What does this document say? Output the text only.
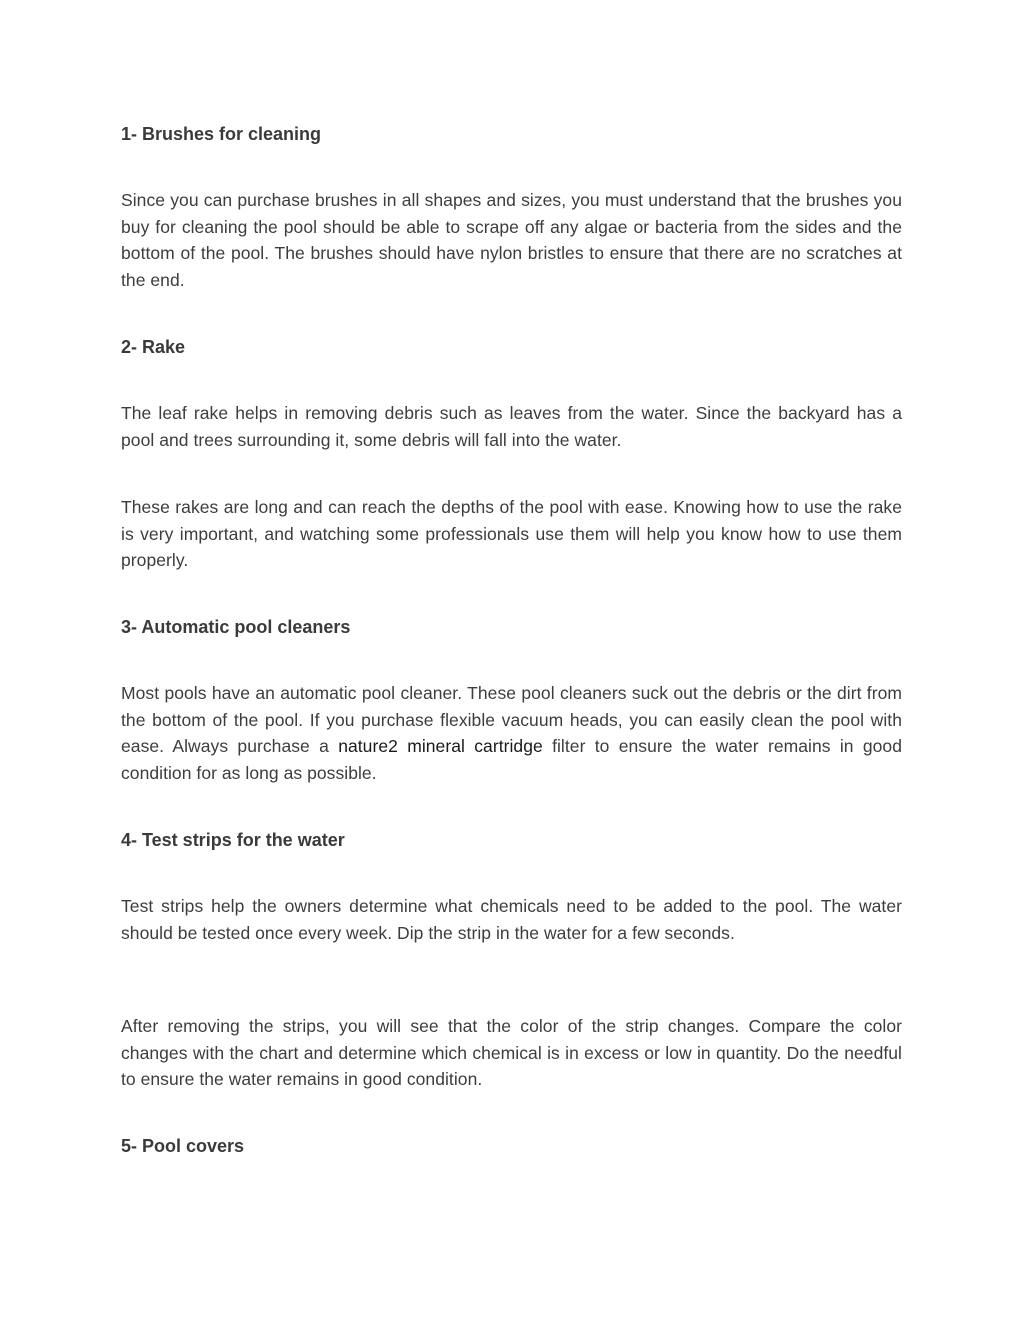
1- Brushes for cleaning

Since you can purchase brushes in all shapes and sizes, you must understand that the brushes you buy for cleaning the pool should be able to scrape off any algae or bacteria from the sides and the bottom of the pool. The brushes should have nylon bristles to ensure that there are no scratches at the end.

2- Rake

The leaf rake helps in removing debris such as leaves from the water. Since the backyard has a pool and trees surrounding it, some debris will fall into the water.

These rakes are long and can reach the depths of the pool with ease. Knowing how to use the rake is very important, and watching some professionals use them will help you know how to use them properly.

3- Automatic pool cleaners

Most pools have an automatic pool cleaner. These pool cleaners suck out the debris or the dirt from the bottom of the pool. If you purchase flexible vacuum heads, you can easily clean the pool with ease. Always purchase a nature2 mineral cartridge filter to ensure the water remains in good condition for as long as possible.

4- Test strips for the water

Test strips help the owners determine what chemicals need to be added to the pool. The water should be tested once every week. Dip the strip in the water for a few seconds.

After removing the strips, you will see that the color of the strip changes. Compare the color changes with the chart and determine which chemical is in excess or low in quantity. Do the needful to ensure the water remains in good condition.

5- Pool covers
